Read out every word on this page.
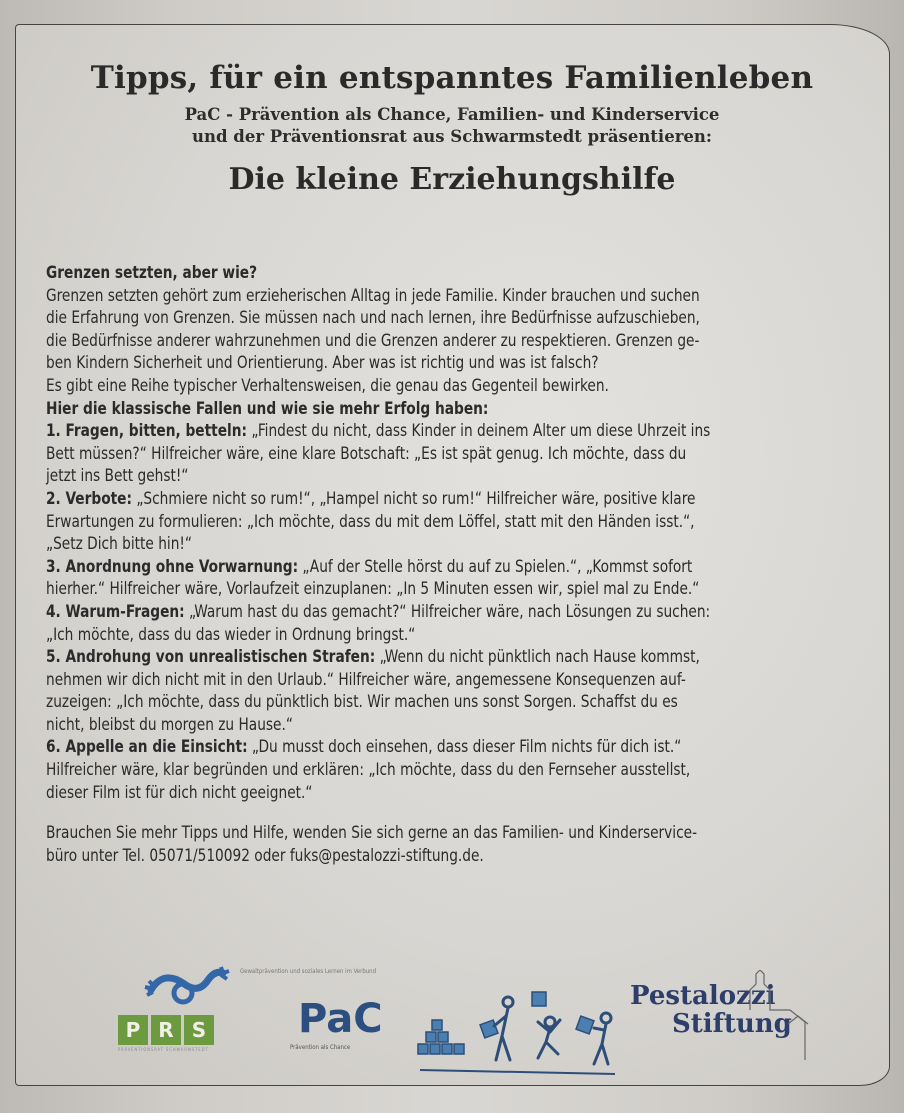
Tipps, für ein entspanntes Familienleben

PaC - Prävention als Chance, Familien- und Kinderservice

und der Präventionsrat aus Schwarmstedt präsentieren:

Die kleine Erziehungshilfe

Grenzen setzten, aber wie?

Grenzen setzten gehört zum erzieherischen Alltag in jede Familie. Kinder brauchen und suchen

die Erfahrung von Grenzen. Sie müssen nach und nach lernen, ihre Bedürfnisse aufzuschieben,

die Bedürfnisse anderer wahrzunehmen und die Grenzen anderer zu respektieren. Grenzen ge-

ben Kindern Sicherheit und Orientierung. Aber was ist richtig und was ist falsch?

Es gibt eine Reihe typischer Verhaltensweisen, die genau das Gegenteil bewirken.

Hier die klassische Fallen und wie sie mehr Erfolg haben:

1. Fragen, bitten, betteln: „Findest du nicht, dass Kinder in deinem Alter um diese Uhrzeit ins

Bett müssen?“ Hilfreicher wäre, eine klare Botschaft: „Es ist spät genug. Ich möchte, dass du

jetzt ins Bett gehst!“

2. Verbote: „Schmiere nicht so rum!“, „Hampel nicht so rum!“ Hilfreicher wäre, positive klare

Erwartungen zu formulieren: „Ich möchte, dass du mit dem Löffel, statt mit den Händen isst.“,

„Setz Dich bitte hin!“

3. Anordnung ohne Vorwarnung: „Auf der Stelle hörst du auf zu Spielen.“, „Kommst sofort

hierher.“ Hilfreicher wäre, Vorlaufzeit einzuplanen: „In 5 Minuten essen wir, spiel mal zu Ende.“

4. Warum-Fragen: „Warum hast du das gemacht?“ Hilfreicher wäre, nach Lösungen zu suchen:

„Ich möchte, dass du das wieder in Ordnung bringst.“

5. Androhung von unrealistischen Strafen: „Wenn du nicht pünktlich nach Hause kommst,

nehmen wir dich nicht mit in den Urlaub.“ Hilfreicher wäre, angemessene Konsequenzen auf-

zuzeigen: „Ich möchte, dass du pünktlich bist. Wir machen uns sonst Sorgen. Schaffst du es

nicht, bleibst du morgen zu Hause.“

6. Appelle an die Einsicht: „Du musst doch einsehen, dass dieser Film nichts für dich ist.“

Hilfreicher wäre, klar begründen und erklären: „Ich möchte, dass du den Fernseher ausstellst,

dieser Film ist für dich nicht geeignet.“

Brauchen Sie mehr Tipps und Hilfe, wenden Sie sich gerne an das Familien- und Kinderservice-

büro unter Tel. 05071/510092 oder fuks@pestalozzi-stiftung.de.

P R S
PRÄVENTIONSRAT SCHWARMSTEDT
Gewaltprävention und soziales Lernen im Verbund
PaC
Prävention als Chance
Pestalozzi
Stiftung
